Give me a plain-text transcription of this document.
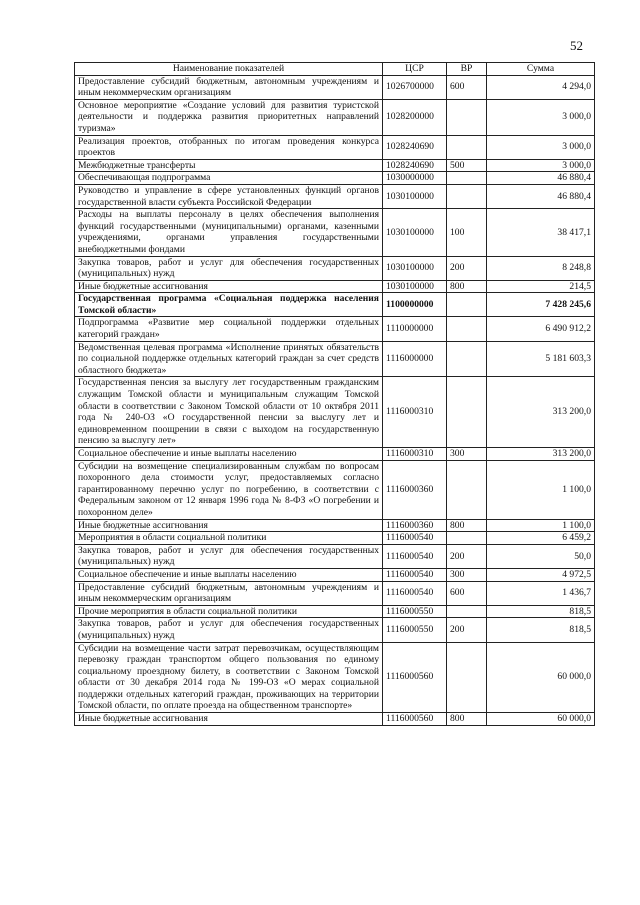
52
Наименование показателей	ЦСР	ВР	Сумма
Предоставление субсидий бюджетным, автономным учреждениям и иным некоммерческим организациям	1026700000	600	4 294,0
Основное мероприятие «Создание условий для развития туристской деятельности и поддержка развития приоритетных направлений туризма»	1028200000		3 000,0
Реализация проектов, отобранных по итогам проведения конкурса проектов	1028240690		3 000,0
Межбюджетные трансферты	1028240690	500	3 000,0
Обеспечивающая подпрограмма	1030000000		46 880,4
Руководство и управление в сфере установленных функций органов государственной власти субъекта Российской Федерации	1030100000		46 880,4
Расходы на выплаты персоналу в целях обеспечения выполнения функций государственными (муниципальными) органами, казенными учреждениями, органами управления государственными внебюджетными фондами	1030100000	100	38 417,1
Закупка товаров, работ и услуг для обеспечения государственных (муниципальных) нужд	1030100000	200	8 248,8
Иные бюджетные ассигнования	1030100000	800	214,5
Государственная программа «Социальная поддержка населения Томской области»	1100000000		7 428 245,6
Подпрограмма «Развитие мер социальной поддержки отдельных категорий граждан»	1110000000		6 490 912,2
Ведомственная целевая программа «Исполнение принятых обязательств по социальной поддержке отдельных категорий граждан за счет средств областного бюджета»	1116000000		5 181 603,3
Государственная пенсия за выслугу лет государственным гражданским служащим Томской области и муниципальным служащим Томской области в соответствии с Законом Томской области от 10 октября 2011 года № 240-ОЗ «О государственной пенсии за выслугу лет и единовременном поощрении в связи с выходом на государственную пенсию за выслугу лет»	1116000310		313 200,0
Социальное обеспечение и иные выплаты населению	1116000310	300	313 200,0
Субсидии на возмещение специализированным службам по вопросам похоронного дела стоимости услуг, предоставляемых согласно гарантированному перечню услуг по погребению, в соответствии с Федеральным законом от 12 января 1996 года № 8-ФЗ «О погребении и похоронном деле»	1116000360		1 100,0
Иные бюджетные ассигнования	1116000360	800	1 100,0
Мероприятия в области социальной политики	1116000540		6 459,2
Закупка товаров, работ и услуг для обеспечения государственных (муниципальных) нужд	1116000540	200	50,0
Социальное обеспечение и иные выплаты населению	1116000540	300	4 972,5
Предоставление субсидий бюджетным, автономным учреждениям и иным некоммерческим организациям	1116000540	600	1 436,7
Прочие мероприятия в области социальной политики	1116000550		818,5
Закупка товаров, работ и услуг для обеспечения государственных (муниципальных) нужд	1116000550	200	818,5
Субсидии на возмещение части затрат перевозчикам, осуществляющим перевозку граждан транспортом общего пользования по единому социальному проездному билету, в соответствии с Законом Томской области от 30 декабря 2014 года № 199-ОЗ «О мерах социальной поддержки отдельных категорий граждан, проживающих на территории Томской области, по оплате проезда на общественном транспорте»	1116000560		60 000,0
Иные бюджетные ассигнования	1116000560	800	60 000,0
